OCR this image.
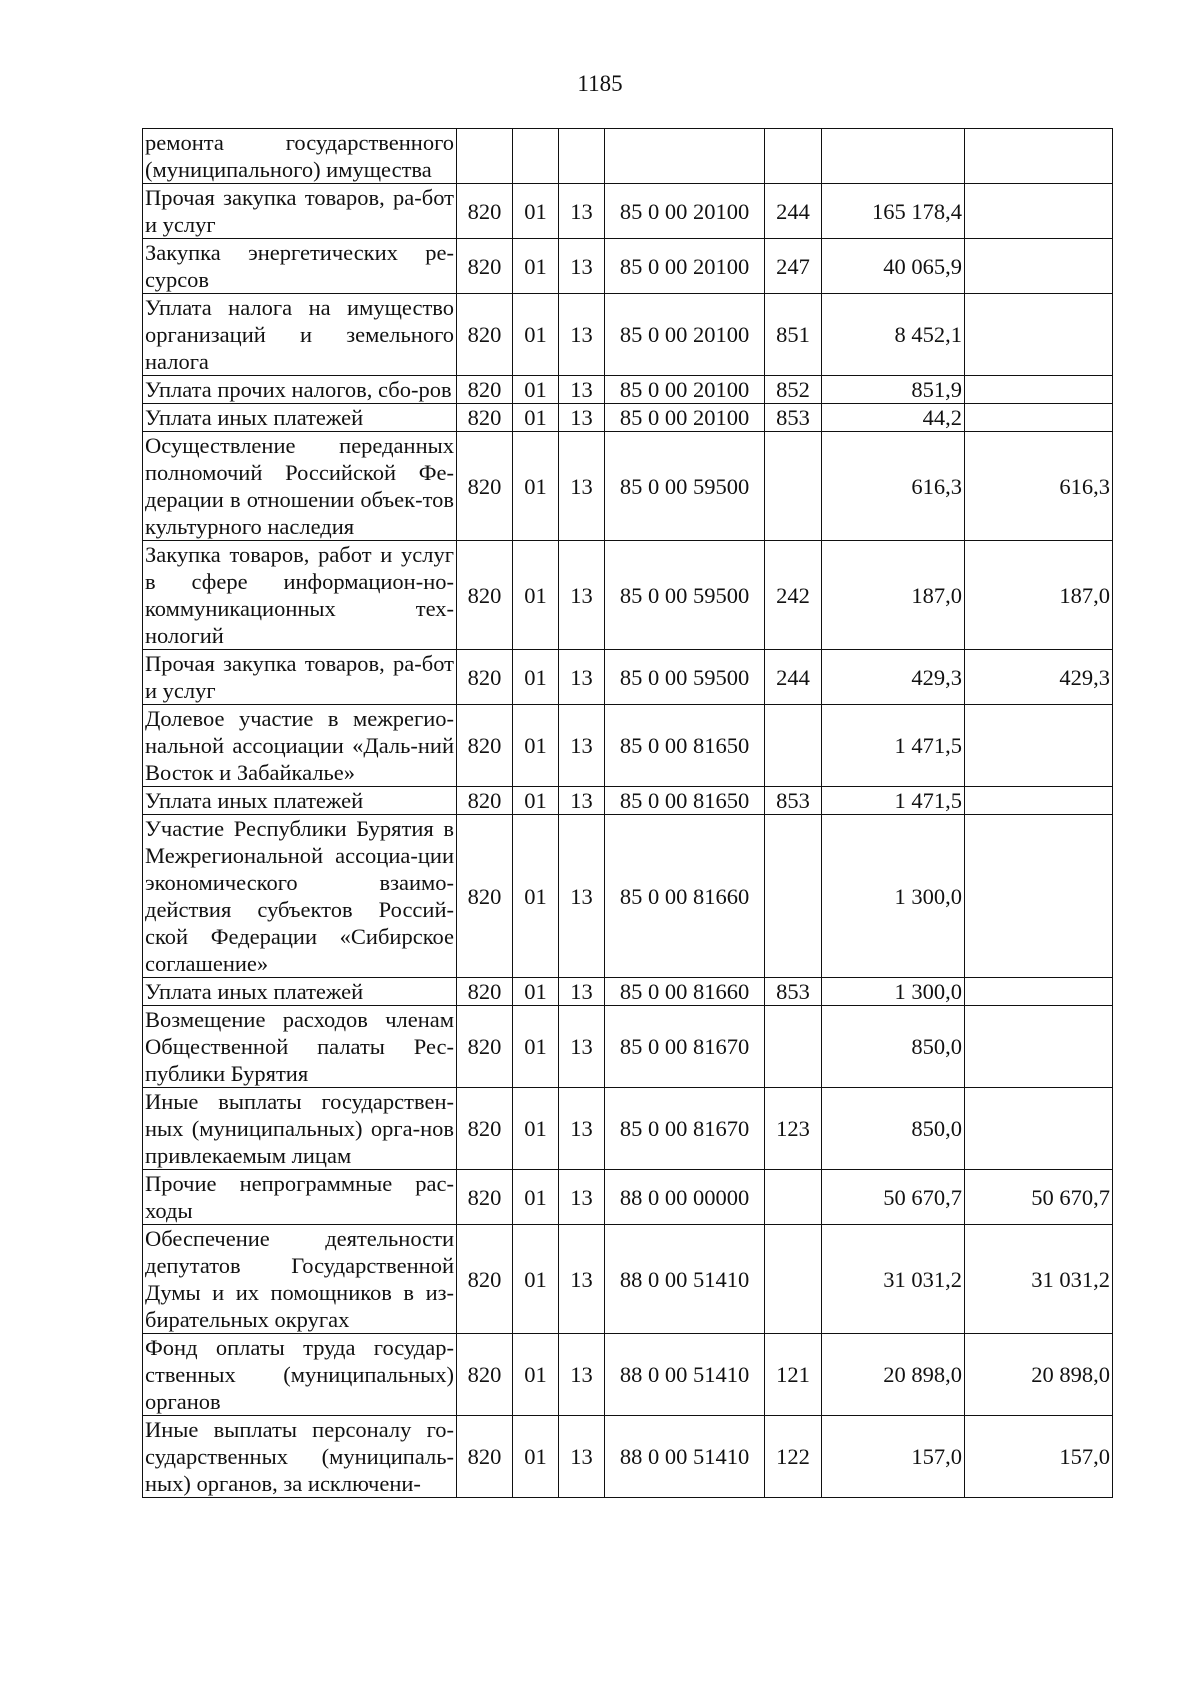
1185
ремонта государственного (муниципального) имущества							
Прочая закупка товаров, ра-бот и услуг	820	01	13	85 0 00 20100	244	165 178,4	
Закупка энергетических ре-сурсов	820	01	13	85 0 00 20100	247	40 065,9	
Уплата налога на имущество организаций и земельного налога	820	01	13	85 0 00 20100	851	8 452,1	
Уплата прочих налогов, сбо-ров	820	01	13	85 0 00 20100	852	851,9	
Уплата иных платежей	820	01	13	85 0 00 20100	853	44,2	
Осуществление переданных полномочий Российской Фе-дерации в отношении объек-тов культурного наследия	820	01	13	85 0 00 59500		616,3	616,3
Закупка товаров, работ и услуг в сфере информацион-но-коммуникационных тех-нологий	820	01	13	85 0 00 59500	242	187,0	187,0
Прочая закупка товаров, ра-бот и услуг	820	01	13	85 0 00 59500	244	429,3	429,3
Долевое участие в межрегио-нальной ассоциации «Даль-ний Восток и Забайкалье»	820	01	13	85 0 00 81650		1 471,5	
Уплата иных платежей	820	01	13	85 0 00 81650	853	1 471,5	
Участие Республики Бурятия в Межрегиональной ассоциа-ции экономического взаимо-действия субъектов Россий-ской Федерации «Сибирское соглашение»	820	01	13	85 0 00 81660		1 300,0	
Уплата иных платежей	820	01	13	85 0 00 81660	853	1 300,0	
Возмещение расходов членам Общественной палаты Рес-публики Бурятия	820	01	13	85 0 00 81670		850,0	
Иные выплаты государствен-ных (муниципальных) орга-нов привлекаемым лицам	820	01	13	85 0 00 81670	123	850,0	
Прочие непрограммные рас-ходы	820	01	13	88 0 00 00000		50 670,7	50 670,7
Обеспечение деятельности депутатов Государственной Думы и их помощников в из-бирательных округах	820	01	13	88 0 00 51410		31 031,2	31 031,2
Фонд оплаты труда государ-ственных (муниципальных) органов	820	01	13	88 0 00 51410	121	20 898,0	20 898,0
Иные выплаты персоналу го-сударственных (муниципаль-ных) органов, за исключени-	820	01	13	88 0 00 51410	122	157,0	157,0
